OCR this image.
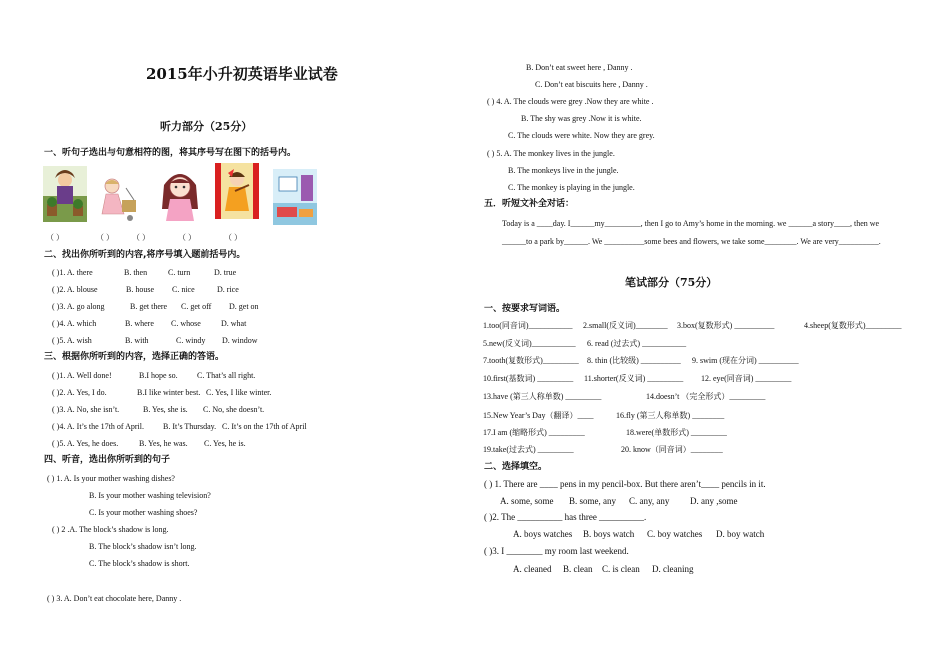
2015年小升初英语毕业试卷
听力部分（25分）
一、听句子选出与句意相符的图，将其序号写在图下的括号内。
（ ）	（ ） （ ）	（ ）	（ ）
二、找出你所听到的内容,将序号填入题前括号内。
( )1. A. there	B. then	C. turn	D. true
( )2. A. blouse	B. house C. nice	D. rice
( )3. A. go along	B. get there C. get off D. get on
( )4. A. which	B. where C. whose	D. what
( )5. A. wish	B. with	C. windy D. window
三、根据你所听到的内容，选择正确的答语。
( )1. A. Well done!	B.I hope so. C. That’s all right.
( )2. A. Yes, I do.	B.I like winter best. C. Yes, I like winter.
( )3. A. No, she isn’t.	B. Yes, she is. C. No, she doesn’t.
( )4. A. It’s the 17th of April. B. It’s Thursday. C. It’s on the 17th of April
( )5. A. Yes, he does.	B. Yes, he was. C. Yes, he is.
四、听音，选出你所听到的句子
( ) 1. A. Is your mother washing dishes?
B. Is your mother washing television?
C. Is your mother washing shoes?
( ) 2 .A. The block’s shadow is long.
B. The block’s shadow isn’t long.
C. The block’s shadow is short.
( ) 3. A. Don’t eat chocolate here, Danny .
B. Don’t eat sweet here , Danny .
C. Don’t eat biscuits here , Danny .
( ) 4. A. The clouds were grey .Now they are white .
B. The shy was grey .Now it is white.
C. The clouds were white. Now they are grey.
( ) 5. A. The monkey lives in the jungle.
B. The monkeys live in the jungle.
C. The monkey is playing in the jungle.
五．听短文补全对话：
Today is a ____day. I______my_________, then I go to Amy’s home in the morning. we ______a story____, then we
______to a park by______. We __________some bees and flowers, we take some________. We are very__________.
笔试部分（75分）
一、按要求写词语。
1.too(同音词)___________ 2.small(反义词)________ 3.box(复数形式) __________	4.sheep(复数形式)_________
5.new(反义词)___________ 6. read (过去式) ___________
7.tooth(复数形式)_________ 8. thin (比较级) __________ 9. swim (现在分词) __________
10.first(基数词) _________ 11.shorter(反义词) _________ 12. eye(同音词) _________
13.have (第三人称单数) _________	14.doesn’t （完全形式）_________
15.New Year’s Day（翻译）____	16.fly (第三人称单数) ________
17.I am (缩略形式) _________	18.were(单数形式) _________
19.take(过去式) _________	20. know（同音词）________
二、选择填空。
( ) 1. There are ____ pens in my pencil-box. But there aren’t____ pencils in it.
A. some, some B. some, any C. any, any D. any ,some
( )2. The __________ has three __________.
A. boys watches B. boys watch C. boy watches D. boy watch
( )3. I ________ my room last weekend.
A. cleaned B. clean C. is clean D. cleaning
